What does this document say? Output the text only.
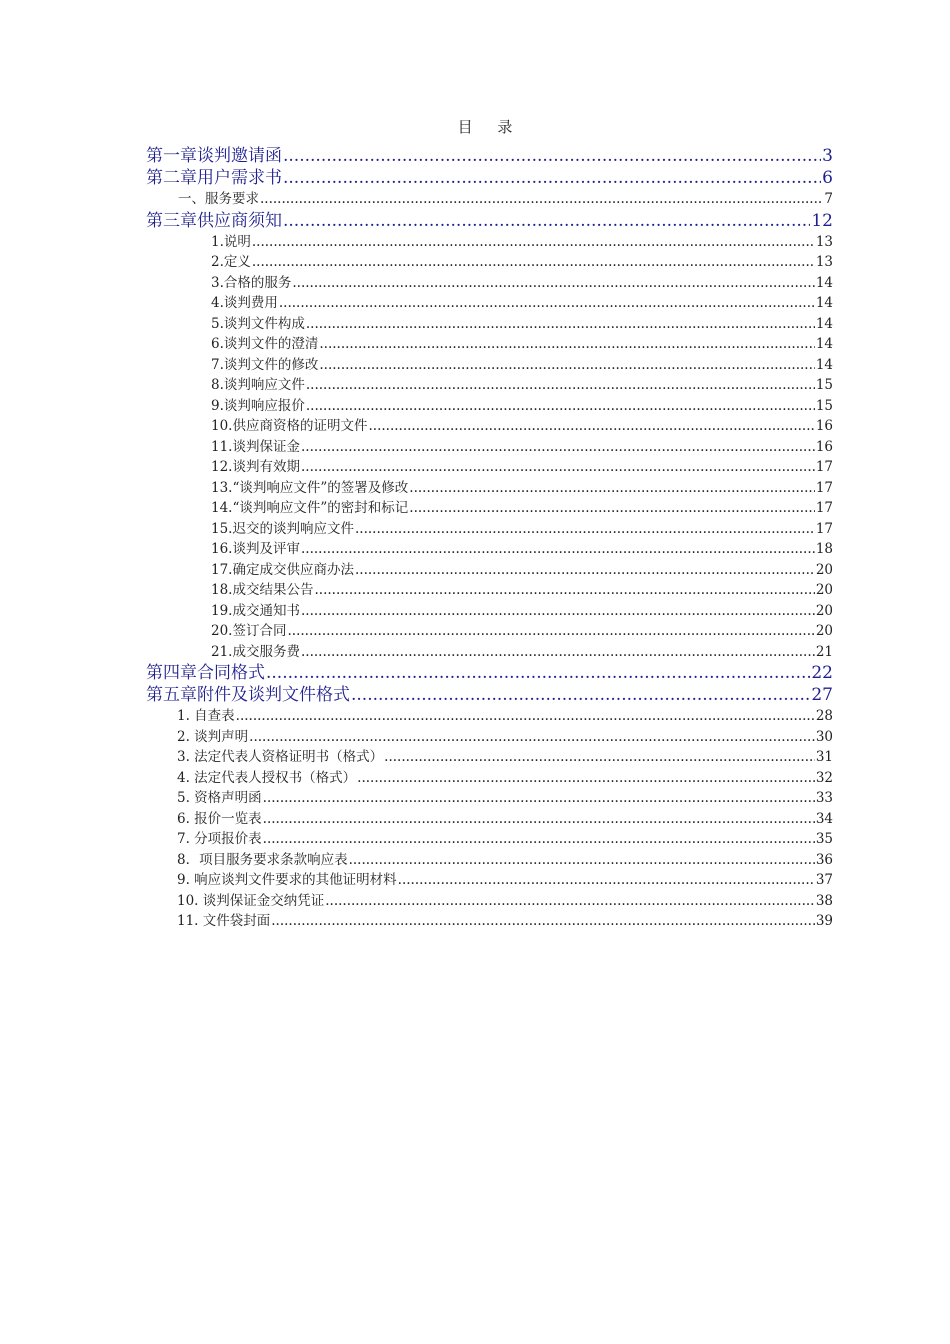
目 录
第一章 谈判邀请函 .....	3
第二章 用户需求书 .....	6
一、服务要求 .....	7
第三章 供应商须知 .....	12
1.说明 .....	13
2.定义 .....	13
3.合格的服务 .....	14
4.谈判费用 .....	14
5.谈判文件构成 .....	14
6.谈判文件的澄清 .....	14
7.谈判文件的修改 .....	14
8.谈判响应文件 .....	15
9.谈判响应报价 .....	15
10.供应商资格的证明文件 .....	16
11.谈判保证金 .....	16
12.谈判有效期 .....	17
13.“谈判响应文件”的签署及修改 .....	17
14.“谈判响应文件”的密封和标记 .....	17
15.迟交的谈判响应文件 .....	17
16.谈判及评审 .....	18
17.确定成交供应商办法 .....	20
18.成交结果公告 .....	20
19.成交通知书 .....	20
20.签订合同 .....	20
21.成交服务费 .....	21
第四章 合同格式 .....	22
第五章 附件及谈判文件格式 .....	27
1. 自查表 .....	28
2. 谈判声明 .....	30
3. 法定代表人资格证明书（格式） .....	31
4. 法定代表人授权书（格式） .....	32
5. 资格声明函 .....	33
6. 报价一览表 .....	34
7. 分项报价表 .....	35
8．项目服务要求条款响应表 .....	36
9. 响应谈判文件要求的其他证明材料 .....	37
10. 谈判保证金交纳凭证 .....	38
11. 文件袋封面 .....	39
